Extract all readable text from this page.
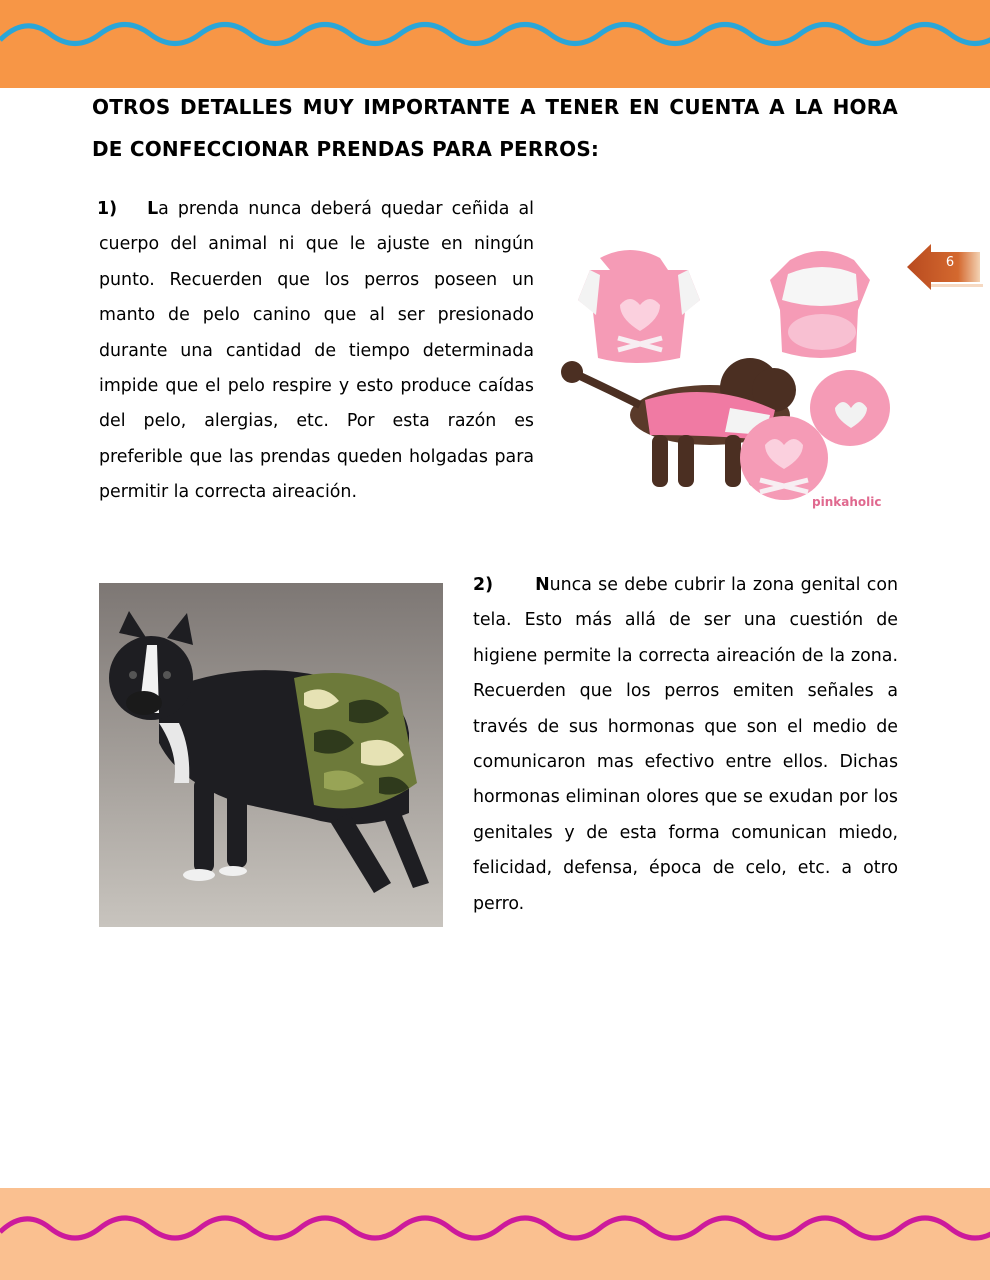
OTROS DETALLES MUY IMPORTANTE A TENER EN CUENTA A LA HORA DE CONFECCIONAR PRENDAS PARA PERROS:
6

1) La prenda nunca deberá quedar ceñida al cuerpo del animal ni que le ajuste en ningún punto. Recuerden que los perros poseen un manto de pelo canino que al ser presionado durante una cantidad de tiempo determinada impide que el pelo respire y esto produce caídas del pelo, alergias, etc. Por esta razón es preferible que las prendas queden holgadas para permitir la correcta aireación.	pinkaholic

2) Nunca se debe cubrir la zona genital con tela. Esto más allá de ser una cuestión de higiene permite la correcta aireación de la zona. Recuerden que los perros emiten señales a través de sus hormonas que son el medio de comunicaron mas efectivo entre ellos. Dichas hormonas eliminan olores que se exudan por los genitales y de esta forma comunican miedo, felicidad, defensa, época de celo, etc. a otro perro.
